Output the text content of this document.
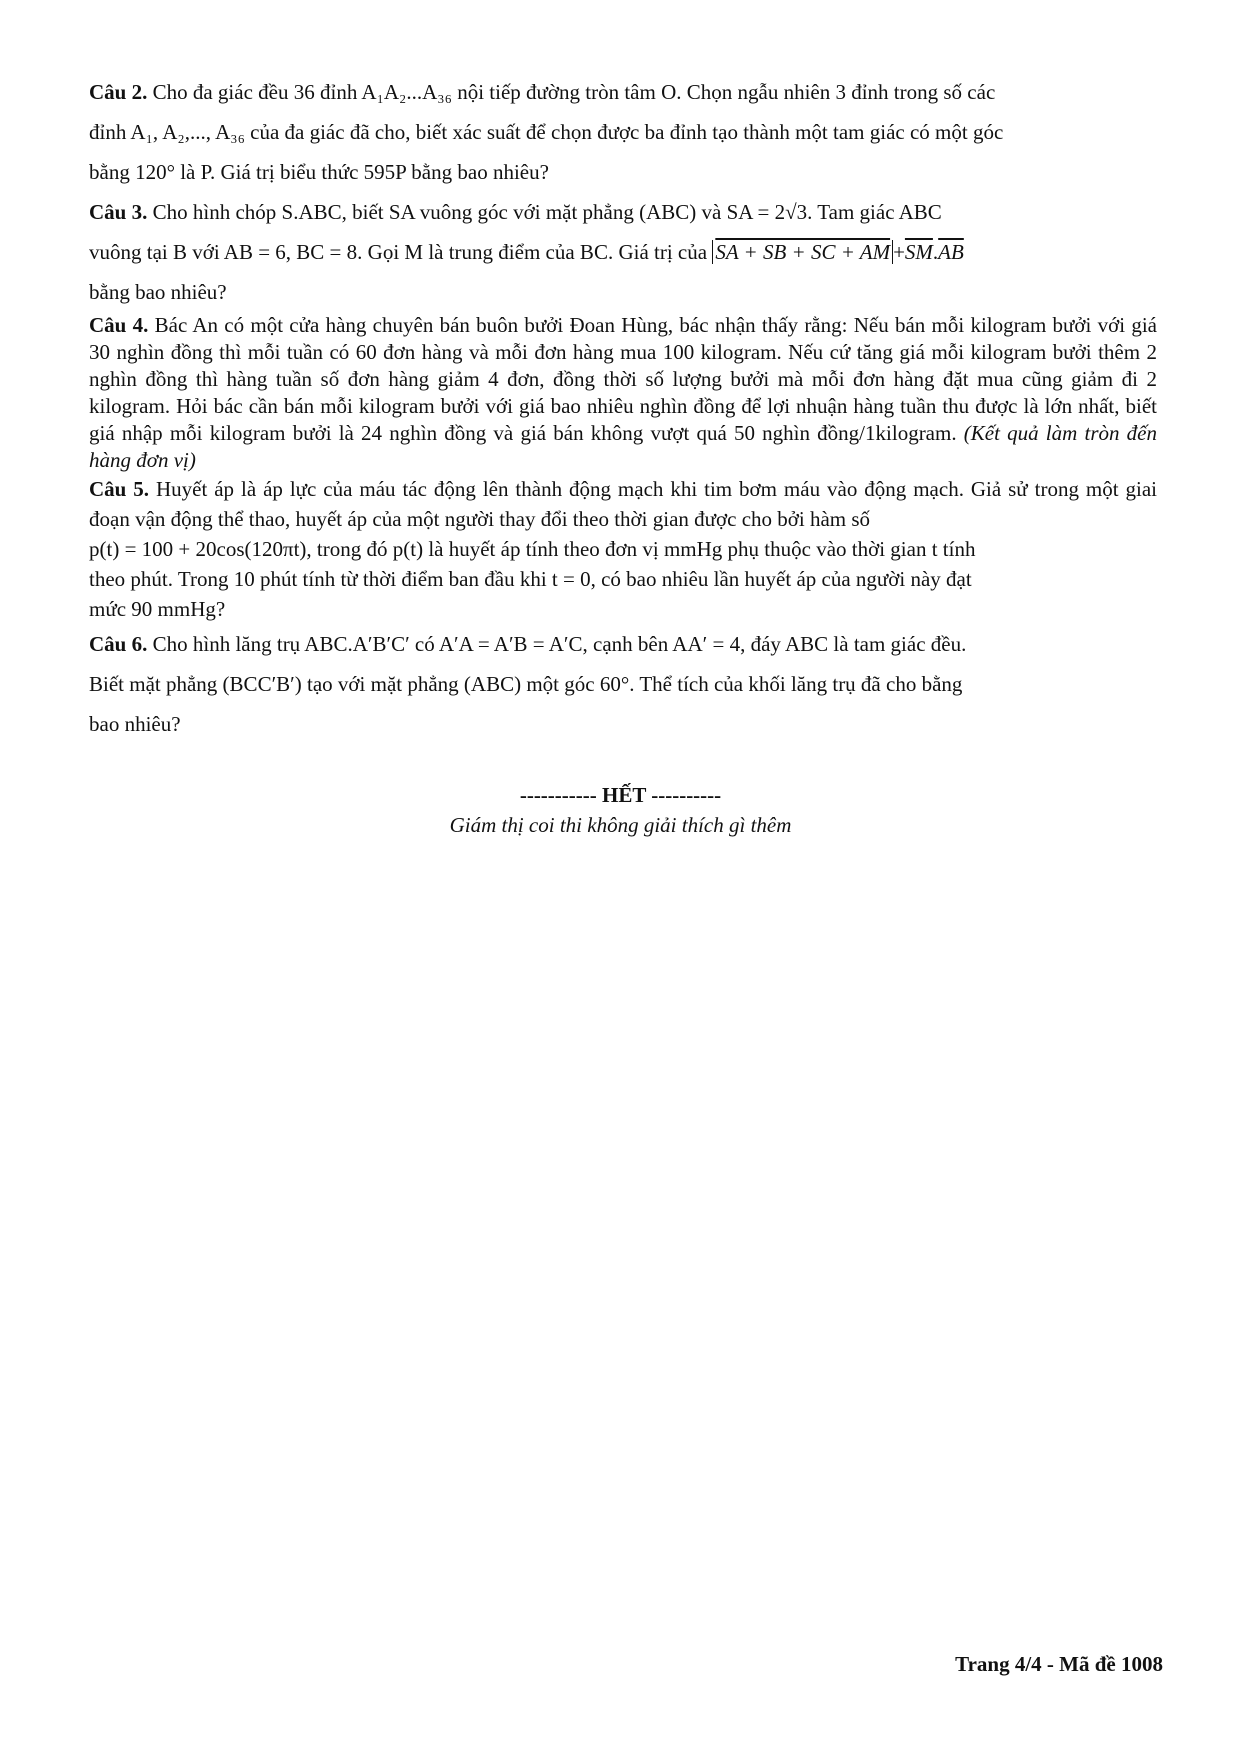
Câu 2. Cho đa giác đều 36 đỉnh A₁A₂...A₃₆ nội tiếp đường tròn tâm O. Chọn ngẫu nhiên 3 đỉnh trong số các
đỉnh A₁, A₂,..., A₃₆ của đa giác đã cho, biết xác suất để chọn được ba đỉnh tạo thành một tam giác có một góc
bằng 120° là P. Giá trị biểu thức 595P bằng bao nhiêu?

Câu 3. Cho hình chóp S.ABC, biết SA vuông góc với mặt phẳng (ABC) và SA = 2√3. Tam giác ABC
vuông tại B với AB = 6, BC = 8. Gọi M là trung điểm của BC. Giá trị của SA + SB + SC + AM $+\overline{SM}.\overline{AB}$
bằng bao nhiêu?

Câu 4. Bác An có một cửa hàng chuyên bán buôn bưởi Đoan Hùng, bác nhận thấy rằng: Nếu bán mỗi kilogram bưởi với giá 30 nghìn đồng thì mỗi tuần có 60 đơn hàng và mỗi đơn hàng mua 100 kilogram. Nếu cứ tăng giá mỗi kilogram bưởi thêm 2 nghìn đồng thì hàng tuần số đơn hàng giảm 4 đơn, đồng thời số lượng bưởi mà mỗi đơn hàng đặt mua cũng giảm đi 2 kilogram. Hỏi bác cần bán mỗi kilogram bưởi với giá bao nhiêu nghìn đồng để lợi nhuận hàng tuần thu được là lớn nhất, biết giá nhập mỗi kilogram bưởi là 24 nghìn đồng và giá bán không vượt quá 50 nghìn đồng/1kilogram. (Kết quả làm tròn đến hàng đơn vị)

Câu 5. Huyết áp là áp lực của máu tác động lên thành động mạch khi tim bơm máu vào động mạch. Giả sử trong một giai đoạn vận động thể thao, huyết áp của một người thay đổi theo thời gian được cho bởi hàm số
p(t) = 100 + 20cos(120πt), trong đó p(t) là huyết áp tính theo đơn vị mmHg phụ thuộc vào thời gian t tính
theo phút. Trong 10 phút tính từ thời điểm ban đầu khi t = 0, có bao nhiêu lần huyết áp của người này đạt
mức 90 mmHg?

Câu 6. Cho hình lăng trụ ABC.A′B′C′ có A′A = A′B = A′C, cạnh bên AA′ = 4, đáy ABC là tam giác đều.
Biết mặt phẳng (BCC′B′) tạo với mặt phẳng (ABC) một góc 60°. Thể tích của khối lăng trụ đã cho bằng
bao nhiêu?

----------- HẾT ----------
Giám thị coi thi không giải thích gì thêm
Trang 4/4 - Mã đề 1008
